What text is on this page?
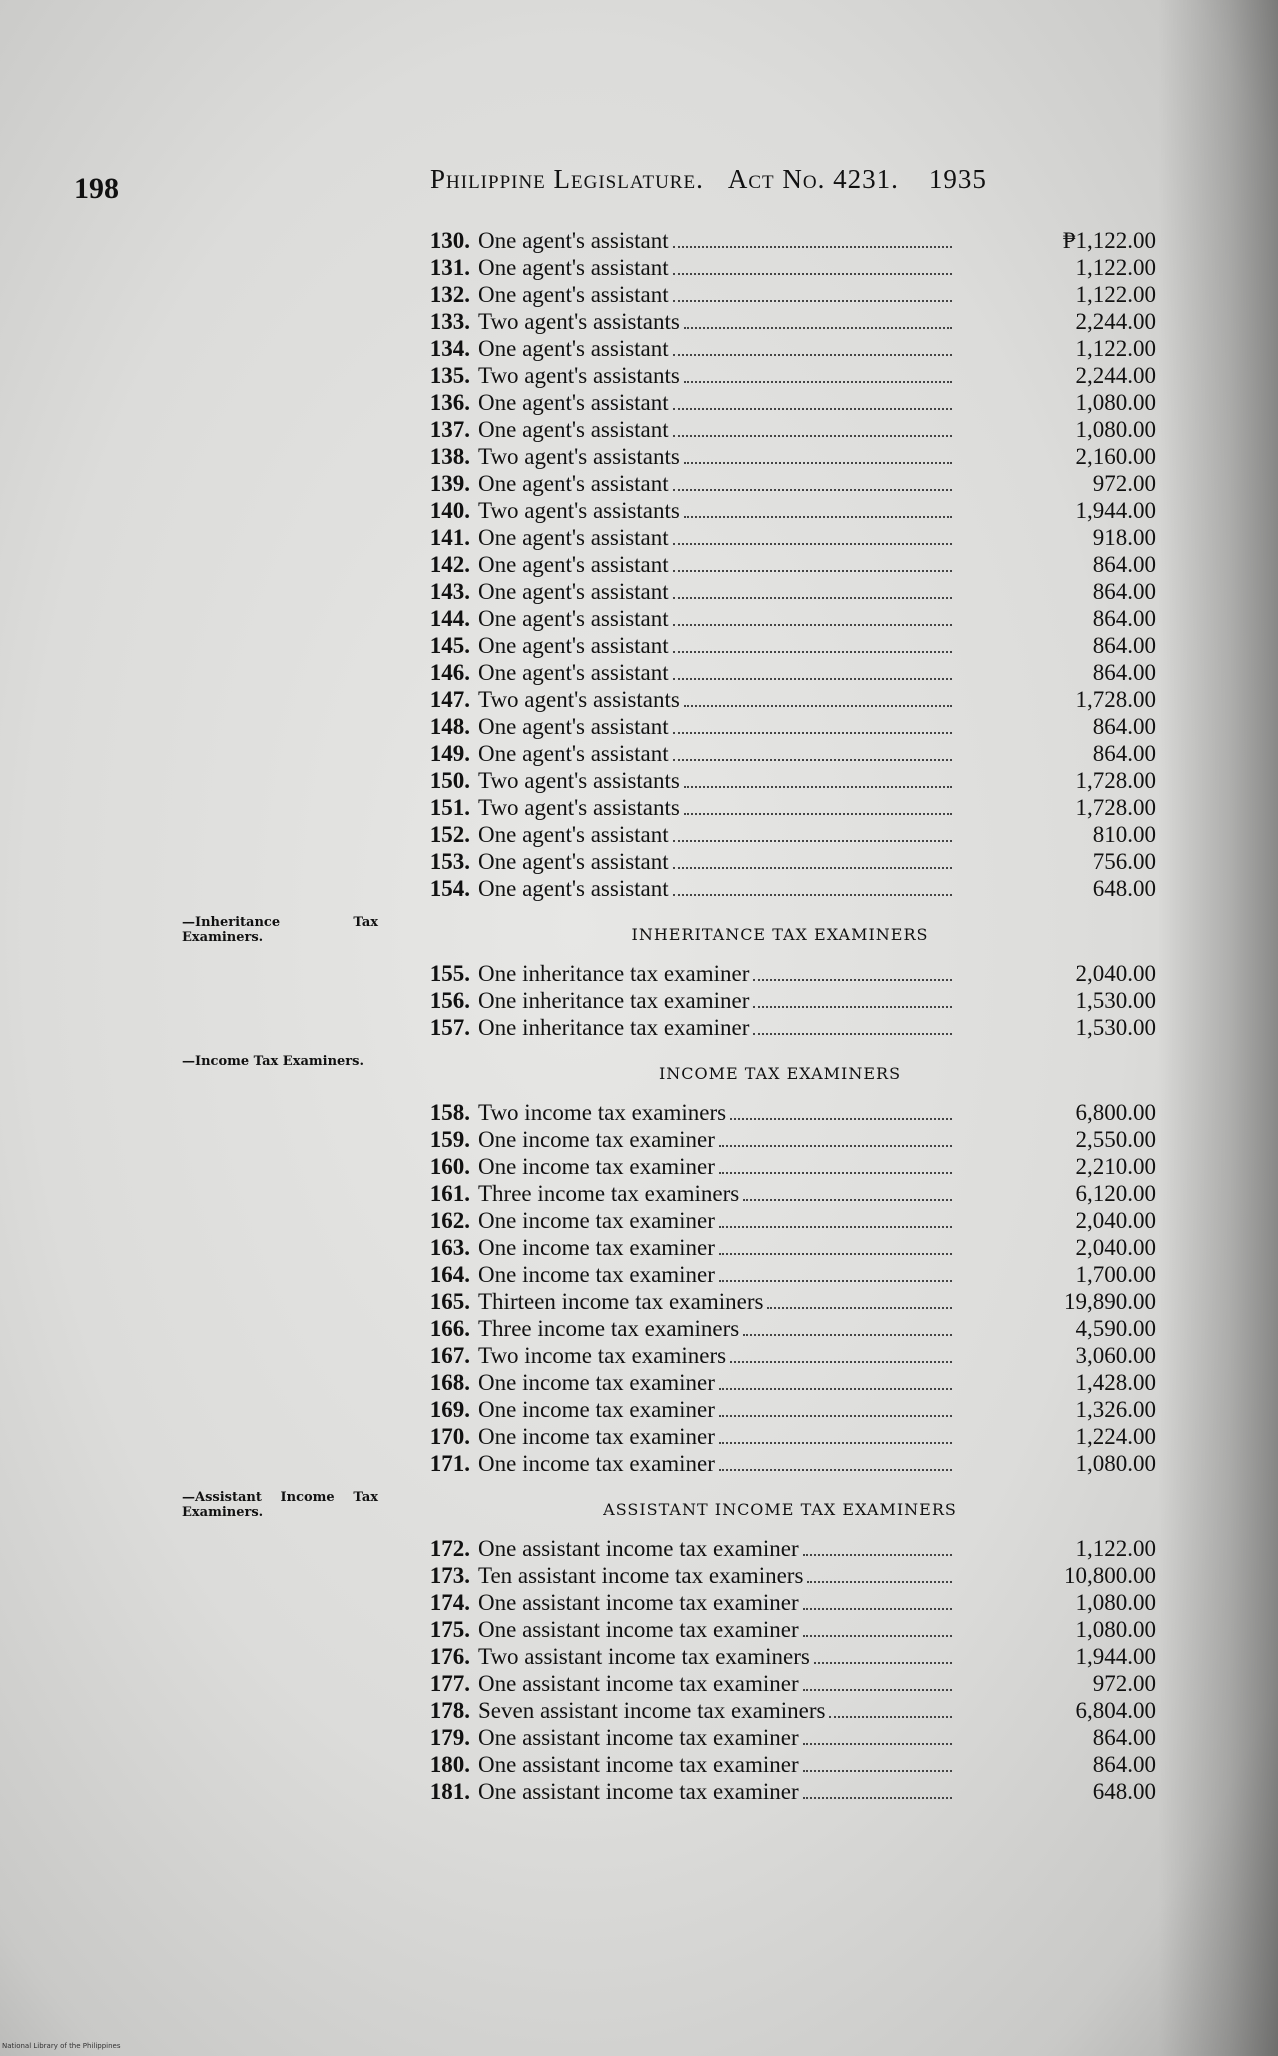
198	Philippine Legislature. Act No. 4231. 1935
130. One agent's assistant	₱1,122.00
131. One agent's assistant	1,122.00
132. One agent's assistant	1,122.00
133. Two agent's assistants	2,244.00
134. One agent's assistant	1,122.00
135. Two agent's assistants	2,244.00
136. One agent's assistant	1,080.00
137. One agent's assistant	1,080.00
138. Two agent's assistants	2,160.00
139. One agent's assistant	972.00
140. Two agent's assistants	1,944.00
141. One agent's assistant	918.00
142. One agent's assistant	864.00
143. One agent's assistant	864.00
144. One agent's assistant	864.00
145. One agent's assistant	864.00
146. One agent's assistant	864.00
147. Two agent's assistants	1,728.00
148. One agent's assistant	864.00
149. One agent's assistant	864.00
150. Two agent's assistants	1,728.00
151. Two agent's assistants	1,728.00
152. One agent's assistant	810.00
153. One agent's assistant	756.00
154. One agent's assistant	648.00
INHERITANCE TAX EXAMINERS
155. One inheritance tax examiner	2,040.00
156. One inheritance tax examiner	1,530.00
157. One inheritance tax examiner	1,530.00
INCOME TAX EXAMINERS
158. Two income tax examiners	6,800.00
159. One income tax examiner	2,550.00
160. One income tax examiner	2,210.00
161. Three income tax examiners	6,120.00
162. One income tax examiner	2,040.00
163. One income tax examiner	2,040.00
164. One income tax examiner	1,700.00
165. Thirteen income tax examiners	19,890.00
166. Three income tax examiners	4,590.00
167. Two income tax examiners	3,060.00
168. One income tax examiner	1,428.00
169. One income tax examiner	1,326.00
170. One income tax examiner	1,224.00
171. One income tax examiner	1,080.00
ASSISTANT INCOME TAX EXAMINERS
172. One assistant income tax examiner	1,122.00
173. Ten assistant income tax examiners	10,800.00
174. One assistant income tax examiner	1,080.00
175. One assistant income tax examiner	1,080.00
176. Two assistant income tax examiners	1,944.00
177. One assistant income tax examiner	972.00
178. Seven assistant income tax examiners	6,804.00
179. One assistant income tax examiner	864.00
180. One assistant income tax examiner	864.00
181. One assistant income tax examiner	648.00
—Inheritance Tax Examiners.
—Income Tax Examiners.
—Assistant Income Tax Examiners.
National Library of the Philippines
